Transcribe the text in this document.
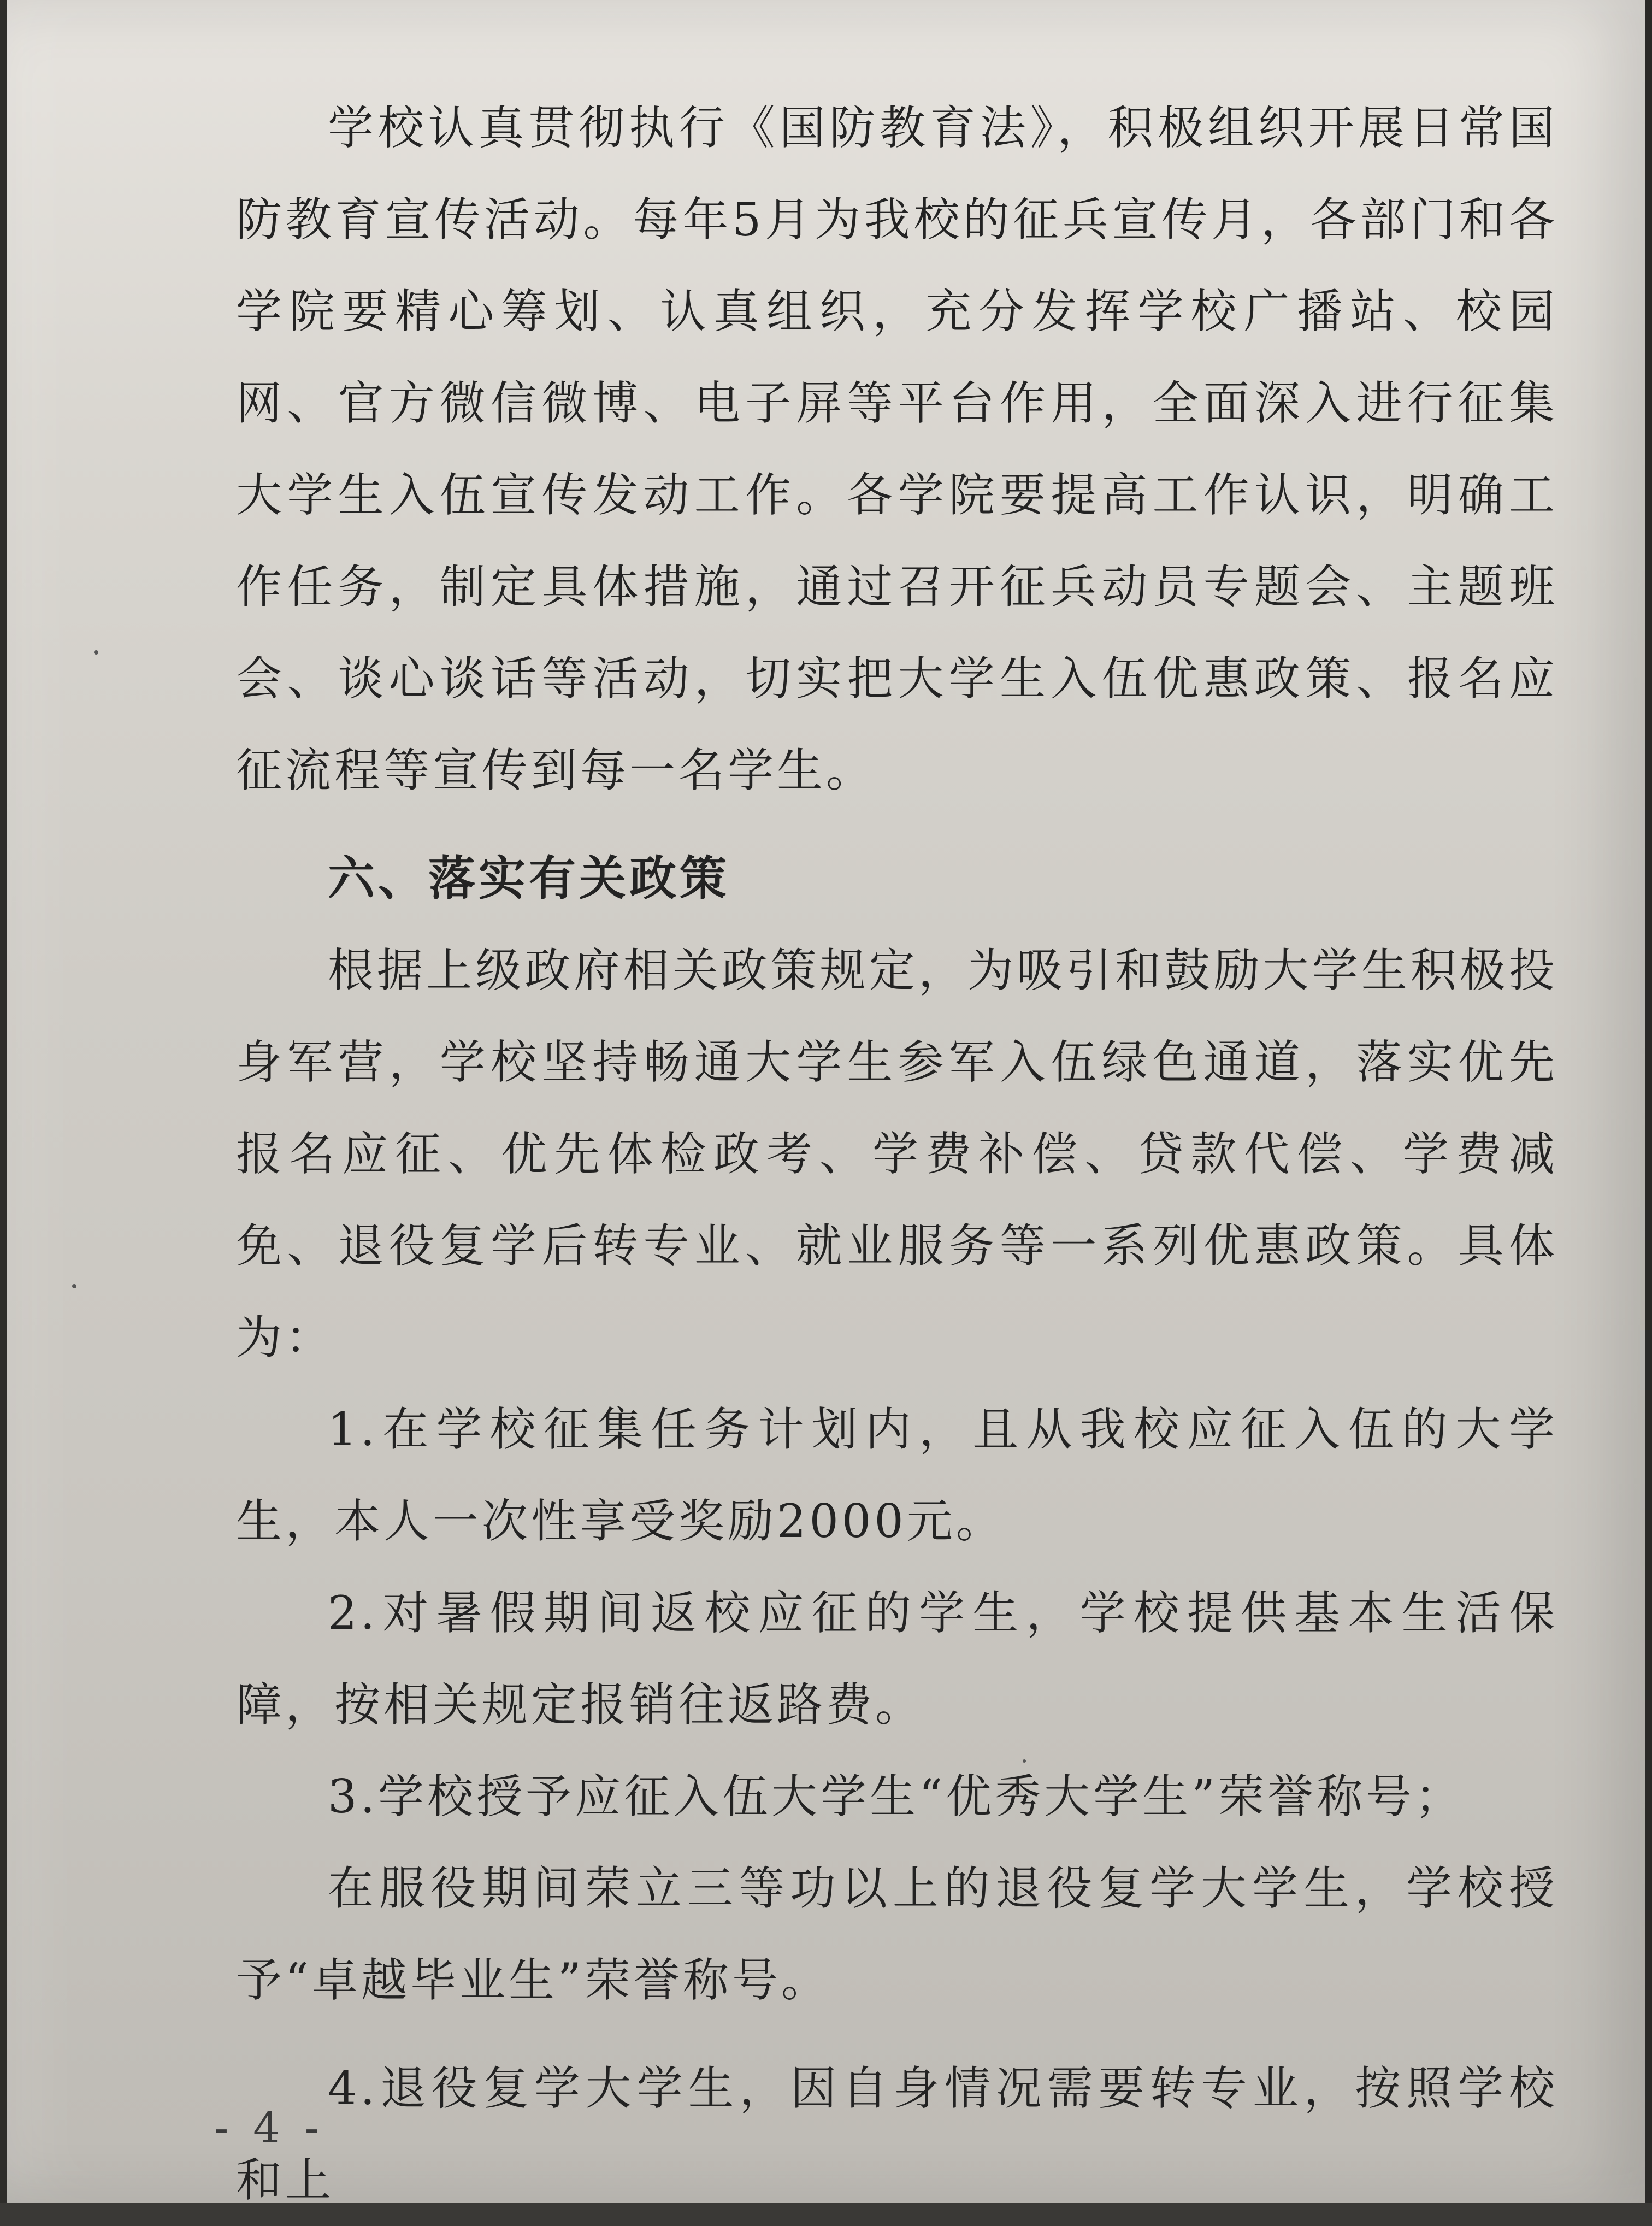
学校认真贯彻执行《国防教育法》，积极组织开展日常国防教育宣传活动。每年5月为我校的征兵宣传月，各部门和各学院要精心筹划、认真组织，充分发挥学校广播站、校园网、官方微信微博、电子屏等平台作用，全面深入进行征集大学生入伍宣传发动工作。各学院要提高工作认识，明确工作任务，制定具体措施，通过召开征兵动员专题会、主题班会、谈心谈话等活动，切实把大学生入伍优惠政策、报名应征流程等宣传到每一名学生。

六、落实有关政策

根据上级政府相关政策规定，为吸引和鼓励大学生积极投身军营，学校坚持畅通大学生参军入伍绿色通道，落实优先报名应征、优先体检政考、学费补偿、贷款代偿、学费减免、退役复学后转专业、就业服务等一系列优惠政策。具体为：

1.在学校征集任务计划内，且从我校应征入伍的大学生，本人一次性享受奖励2000元。

2.对暑假期间返校应征的学生，学校提供基本生活保障，按相关规定报销往返路费。

3.学校授予应征入伍大学生“优秀大学生”荣誉称号；

在服役期间荣立三等功以上的退役复学大学生，学校授予“卓越毕业生”荣誉称号。

4.退役复学大学生，因自身情况需要转专业，按照学校和上

- 4 -
